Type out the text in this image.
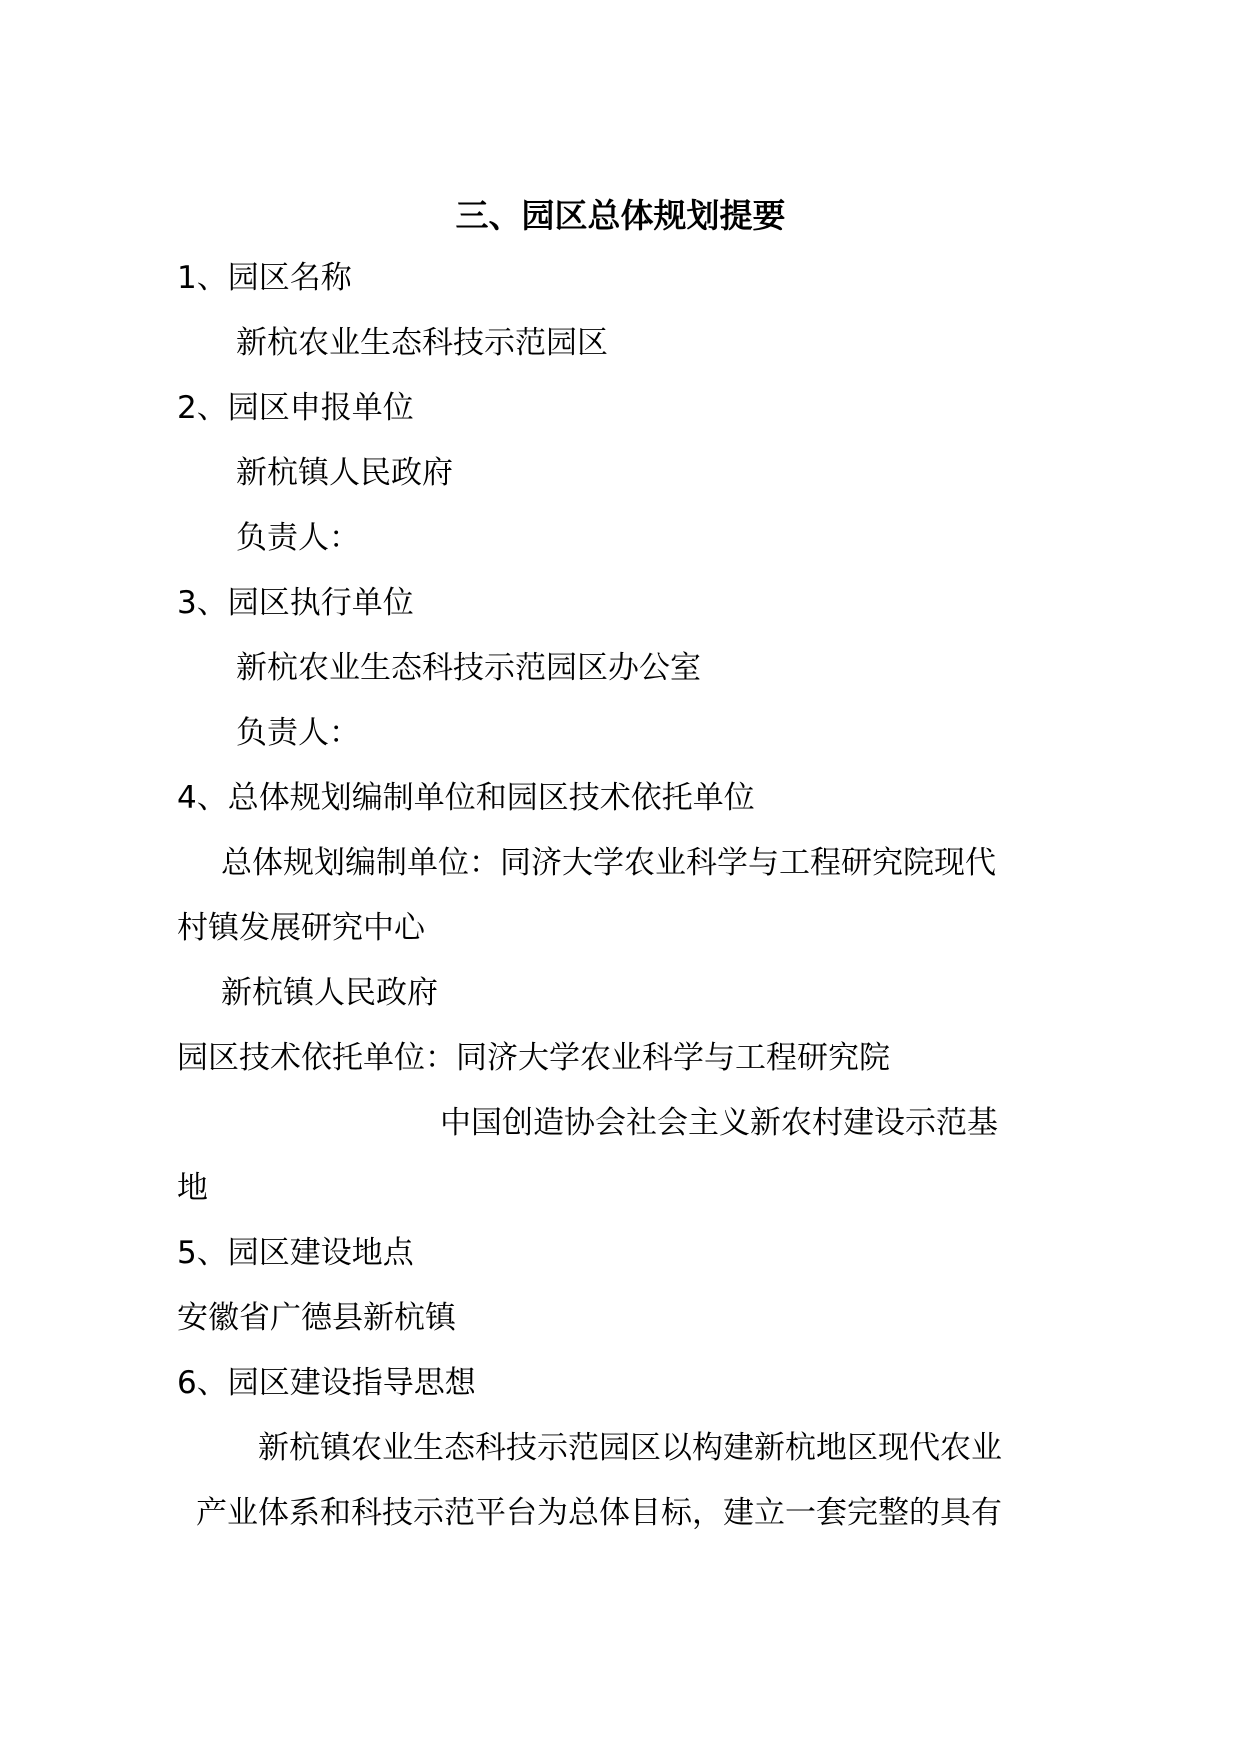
三、园区总体规划提要
1、园区名称
新杭农业生态科技示范园区
2、园区申报单位
新杭镇人民政府
负责人：
3、园区执行单位
新杭农业生态科技示范园区办公室
负责人：
4、总体规划编制单位和园区技术依托单位
总体规划编制单位：同济大学农业科学与工程研究院现代
村镇发展研究中心
新杭镇人民政府
园区技术依托单位：同济大学农业科学与工程研究院
中国创造协会社会主义新农村建设示范基
地
5、园区建设地点
安徽省广德县新杭镇
6、园区建设指导思想
新杭镇农业生态科技示范园区以构建新杭地区现代农业
产业体系和科技示范平台为总体目标，建立一套完整的具有
